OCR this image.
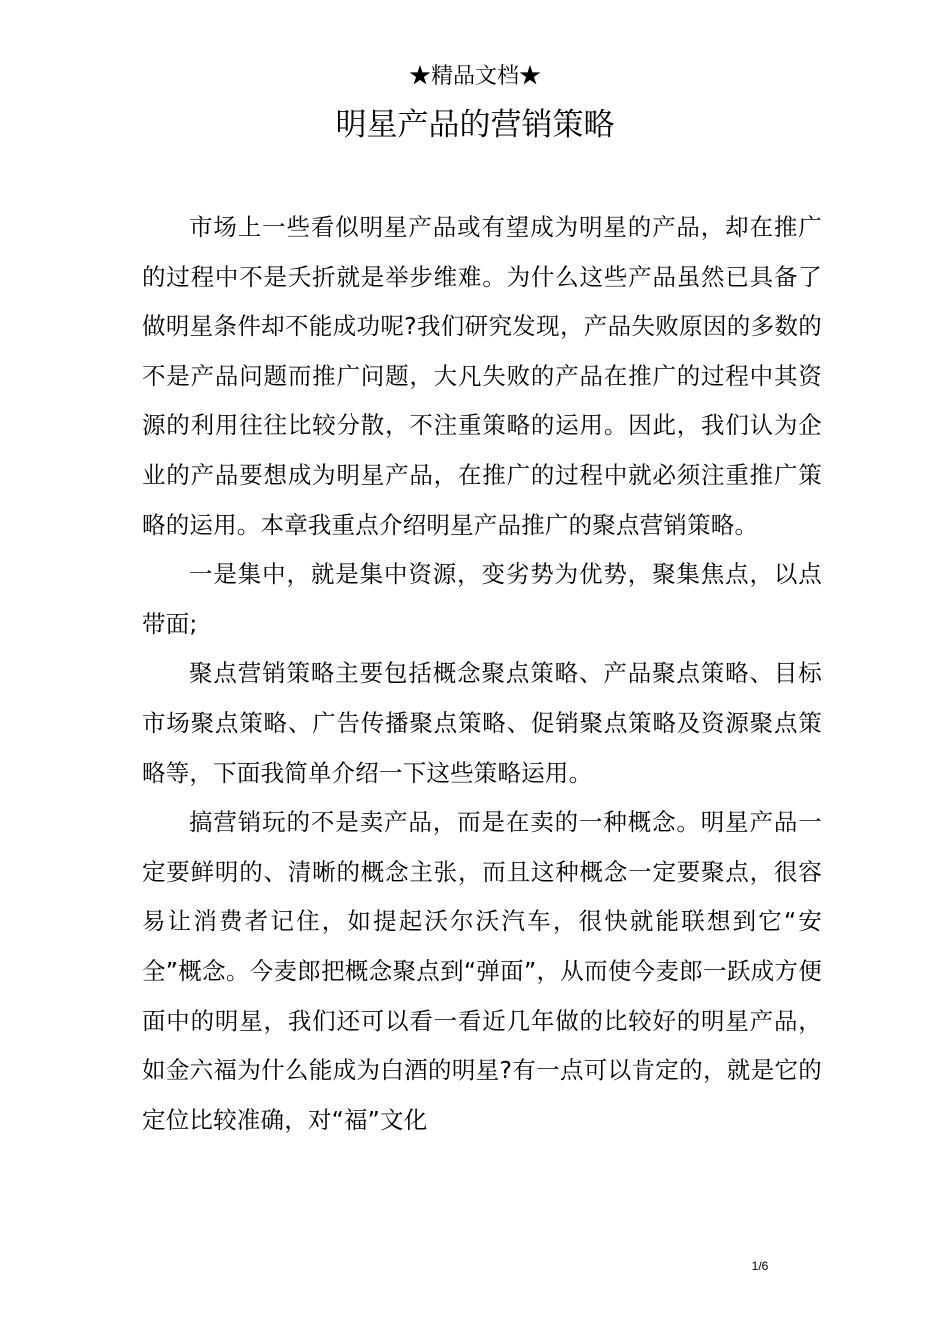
★精品文档★
明星产品的营销策略

市场上一些看似明星产品或有望成为明星的产品，却在推广的过程中不是夭折就是举步维难。为什么这些产品虽然已具备了做明星条件却不能成功呢?我们研究发现，产品失败原因的多数的不是产品问题而推广问题，大凡失败的产品在推广的过程中其资源的利用往往比较分散，不注重策略的运用。因此，我们认为企业的产品要想成为明星产品，在推广的过程中就必须注重推广策略的运用。本章我重点介绍明星产品推广的聚点营销策略。

一是集中，就是集中资源，变劣势为优势，聚集焦点，以点带面;

聚点营销策略主要包括概念聚点策略、产品聚点策略、目标市场聚点策略、广告传播聚点策略、促销聚点策略及资源聚点策略等，下面我简单介绍一下这些策略运用。

搞营销玩的不是卖产品，而是在卖的一种概念。明星产品一定要鲜明的、清晰的概念主张，而且这种概念一定要聚点，很容易让消费者记住，如提起沃尔沃汽车，很快就能联想到它“安全”概念。今麦郎把概念聚点到“弹面”，从而使今麦郎一跃成方便面中的明星，我们还可以看一看近几年做的比较好的明星产品，如金六福为什么能成为白酒的明星?有一点可以肯定的，就是它的定位比较准确，对“福”文化

1/6
